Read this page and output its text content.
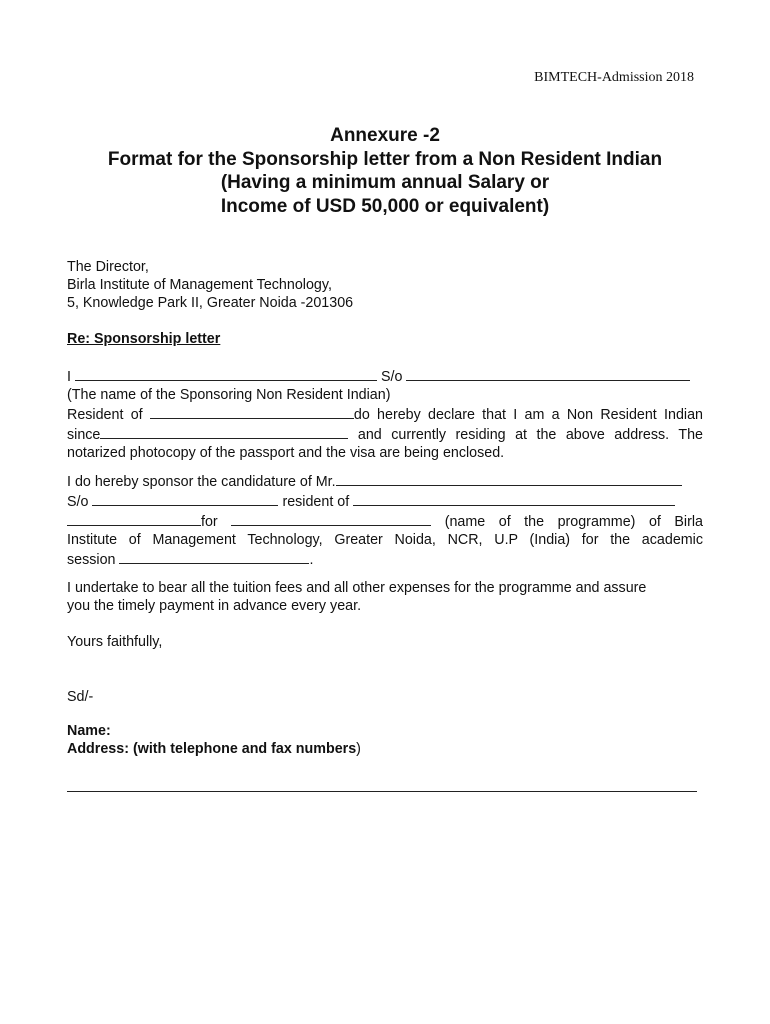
BIMTECH-Admission 2018
Annexure -2
Format for the Sponsorship letter from a Non Resident Indian
(Having a minimum annual Salary or
Income of USD 50,000 or equivalent)
The Director,
Birla Institute of Management Technology,
5, Knowledge Park II, Greater Noida -201306
Re: Sponsorship letter
I	S/o
(The name of the Sponsoring Non Resident Indian)
Resident of	do hereby declare that I am a Non Resident Indian
since	and currently residing at the above address. The
notarized photocopy of the passport and the visa are being enclosed.
I do hereby sponsor the candidature of Mr.
S/o	resident of
for	(name of the programme) of Birla
Institute of Management Technology, Greater Noida, NCR, U.P (India) for the academic
session	.
I undertake to bear all the tuition fees and all other expenses for the programme and assure
you the timely payment in advance every year.
Yours faithfully,
Sd/-
Name:
Address: (with telephone and fax numbers)
